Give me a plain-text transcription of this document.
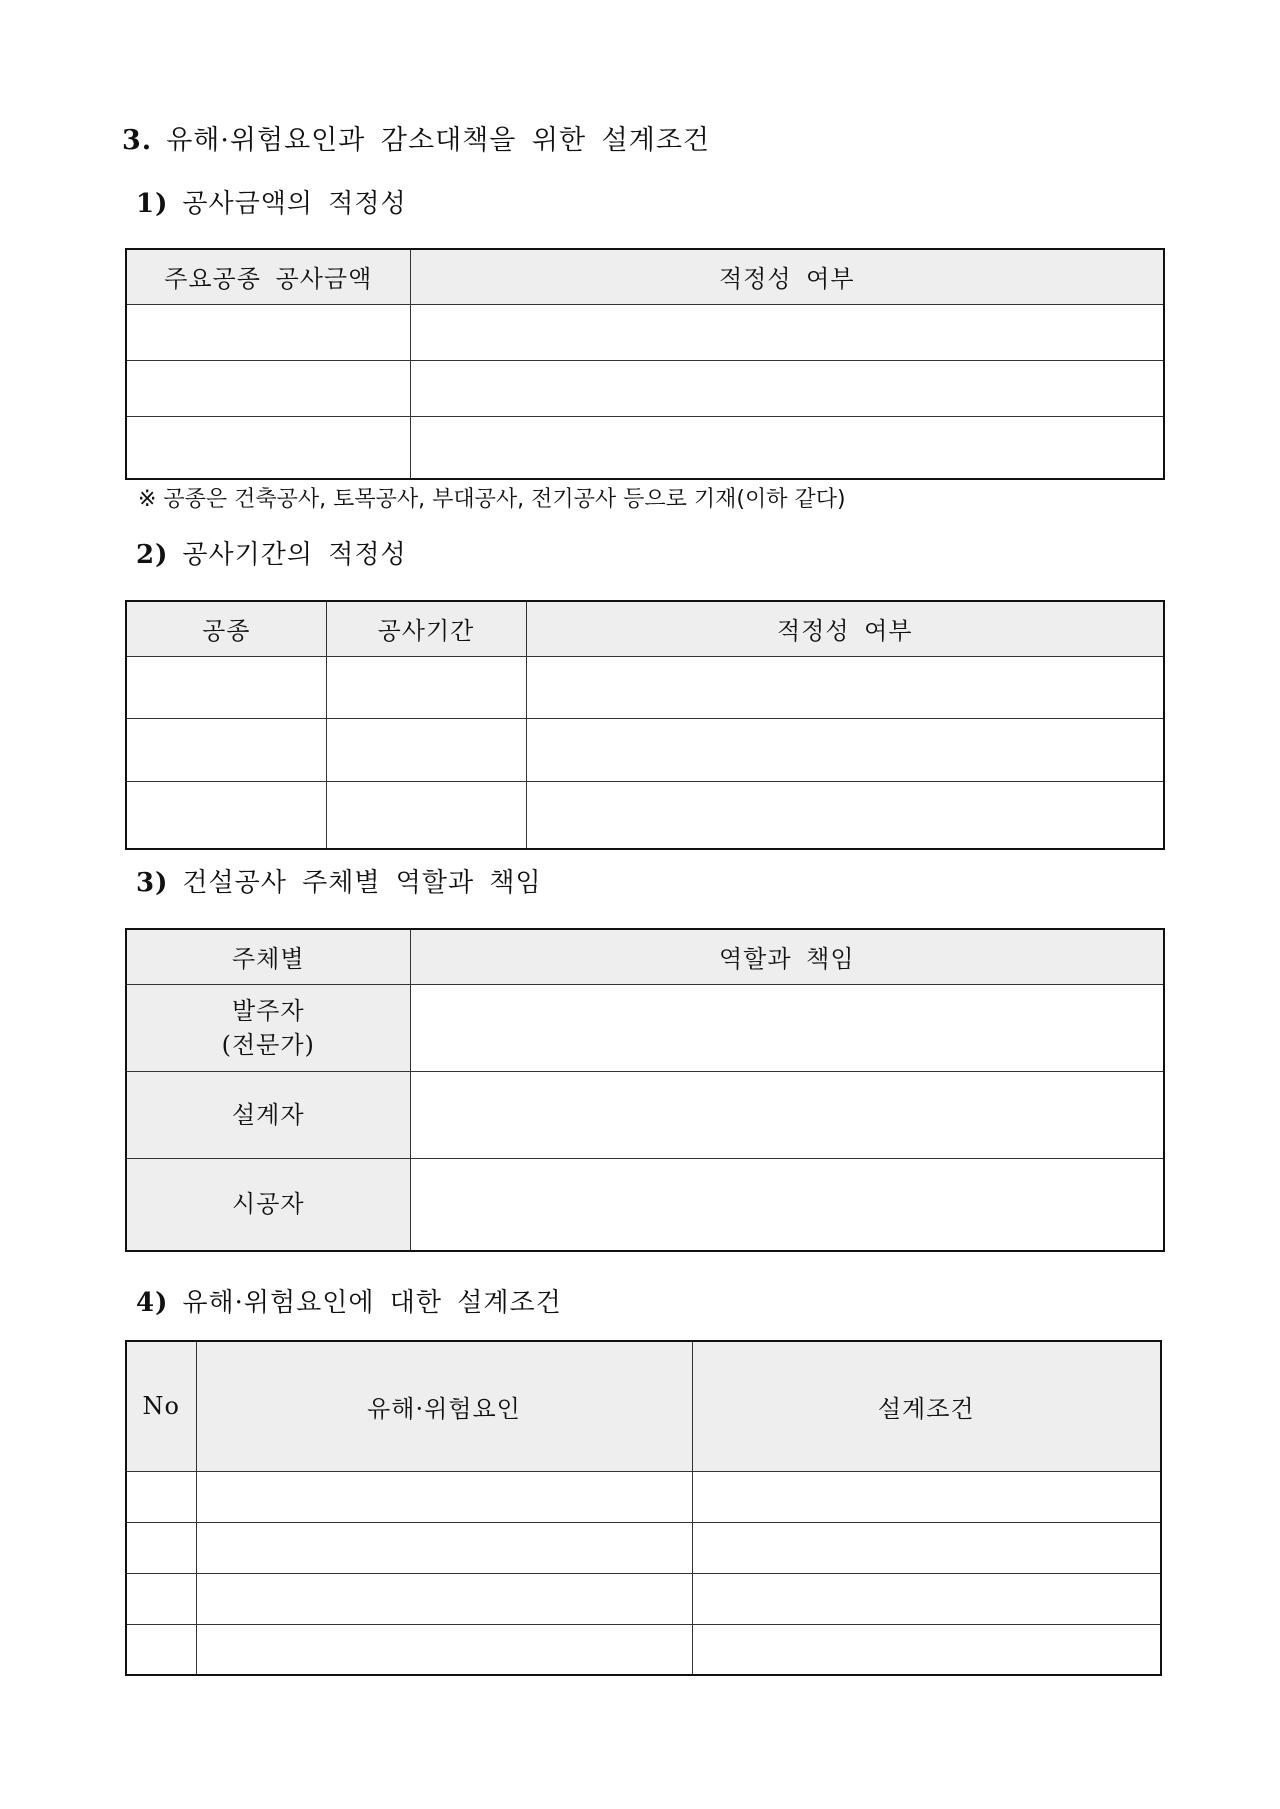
3. 유해·위험요인과 감소대책을 위한 설계조건
1) 공사금액의 적정성
주요공종 공사금액	적정성 여부

※ 공종은 건축공사, 토목공사, 부대공사, 전기공사 등으로 기재(이하 같다)
2) 공사기간의 적정성
공종	공사기간	적정성 여부

3) 건설공사 주체별 역할과 책임
주체별	역할과 책임

발주자
(전문가)	

설계자	

시공자	

4) 유해·위험요인에 대한 설계조건
No	유해·위험요인	설계조건
